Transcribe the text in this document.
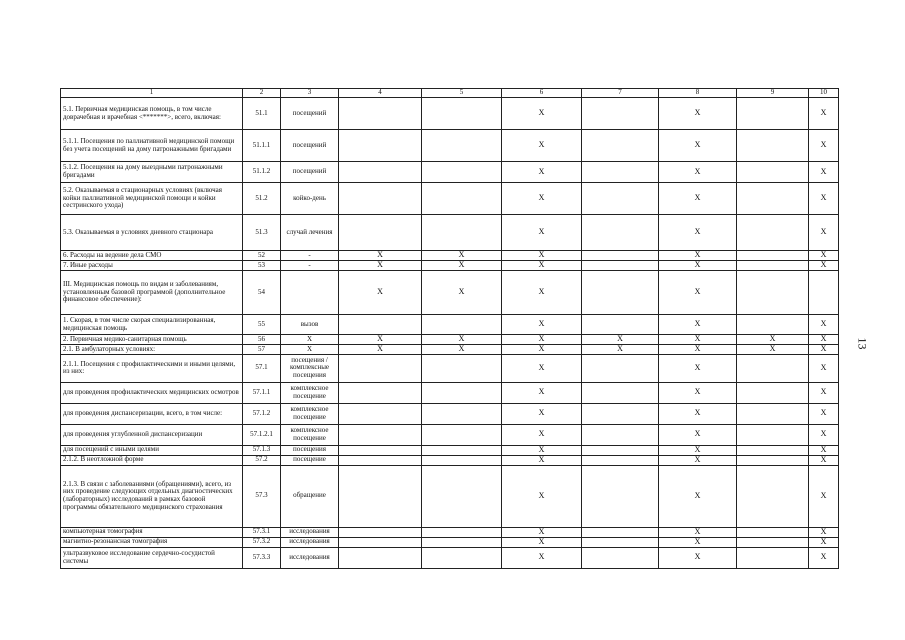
1	2	3	4	5	6	7	8	9	10
5.1. Первичная медицинская помощь, в том числе доврачебная и врачебная <*******>, всего, включая:	51.1	посещений			X		X		X
5.1.1. Посещения по паллиативной медицинской помощи без учета посещений на дому патронажными бригадами	51.1.1	посещений			X		X		X
5.1.2. Посещения на дому выездными патронажными бригадами	51.1.2	посещений			X		X		X
5.2. Оказываемая в стационарных условиях (включая койки паллиативной медицинской помощи и койки сестринского ухода)	51.2	койко-день			X		X		X
5.3. Оказываемая в условиях дневного стационара	51.3	случай лечения			X		X		X
6. Расходы на ведение дела СМО	52	-	X	X	X		X		X
7. Иные расходы	53	-	X	X	X		X		X
III. Медицинская помощь по видам и заболеваниям, установленным базовой программой (дополнительное финансовое обеспечение):	54		X	X	X		X		
1. Скорая, в том числе скорая специализированная, медицинская помощь	55	вызов			X		X		X
2. Первичная медико-санитарная помощь	56	X	X	X	X	X	X	X	X
2.1. В амбулаторных условиях:	57	X	X	X	X	X	X	X	X
2.1.1. Посещения с профилактическими и иными целями, из них:	57.1	посещения / комплексные посещения			X		X		X
для проведения профилактических медицинских осмотров	57.1.1	комплексное посещение			X		X		X
для проведения диспансеризации, всего, в том числе:	57.1.2	комплексное посещение			X		X		X
для проведения углубленной диспансеризации	57.1.2.1	комплексное посещение			X		X		X
для посещений с иными целями	57.1.3	посещения			X		X		X
2.1.2. В неотложной форме	57.2	посещение			X		X		X
2.1.3. В связи с заболеваниями (обращениями), всего, из них проведение следующих отдельных диагностических (лабораторных) исследований в рамках базовой программы обязательного медицинского страхования	57.3	обращение			X		X		X
компьютерная томография	57.3.1	исследования			X		X		X
магнитно-резонансная томография	57.3.2	исследования			X		X		X
ультразвуковое исследование сердечно-сосудистой системы	57.3.3	исследования			X		X		X
13
